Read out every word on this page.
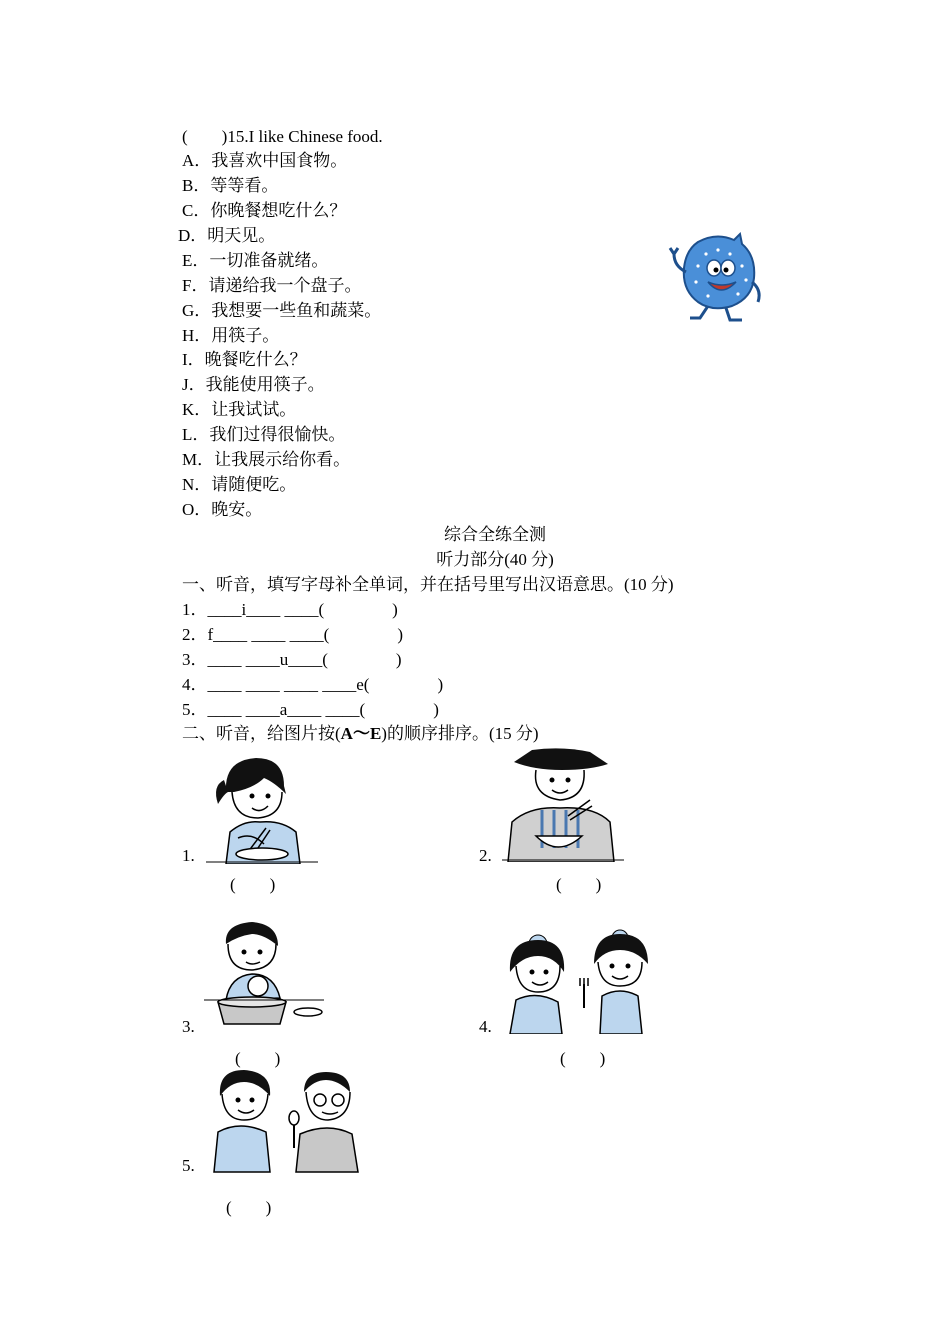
(        )15.I like Chinese food.
A．我喜欢中国食物。
B．等等看。
C．你晚餐想吃什么？
D．明天见。
E．一切准备就绪。
F．请递给我一个盘子。
G．我想要一些鱼和蔬菜。
H．用筷子。
I．晚餐吃什么？
J．我能使用筷子。
K．让我试试。
L．我们过得很愉快。
M．让我展示给你看。
N．请随便吃。
O．晚安。
综合全练全测
听力部分(40 分)
一、听音，填写字母补全单词，并在括号里写出汉语意思。(10 分)
1．____i____ ____(                )
2．f____ ____ ____(                )
3．____ ____u____(                )
4．____ ____ ____ ____e(                )
5．____ ____a____ ____(                )
二、听音，给图片按(A～E)的顺序排序。(15 分)
1.
(        )
2.
(        )
3.
(        )
4.
(        )
5.
(        )
